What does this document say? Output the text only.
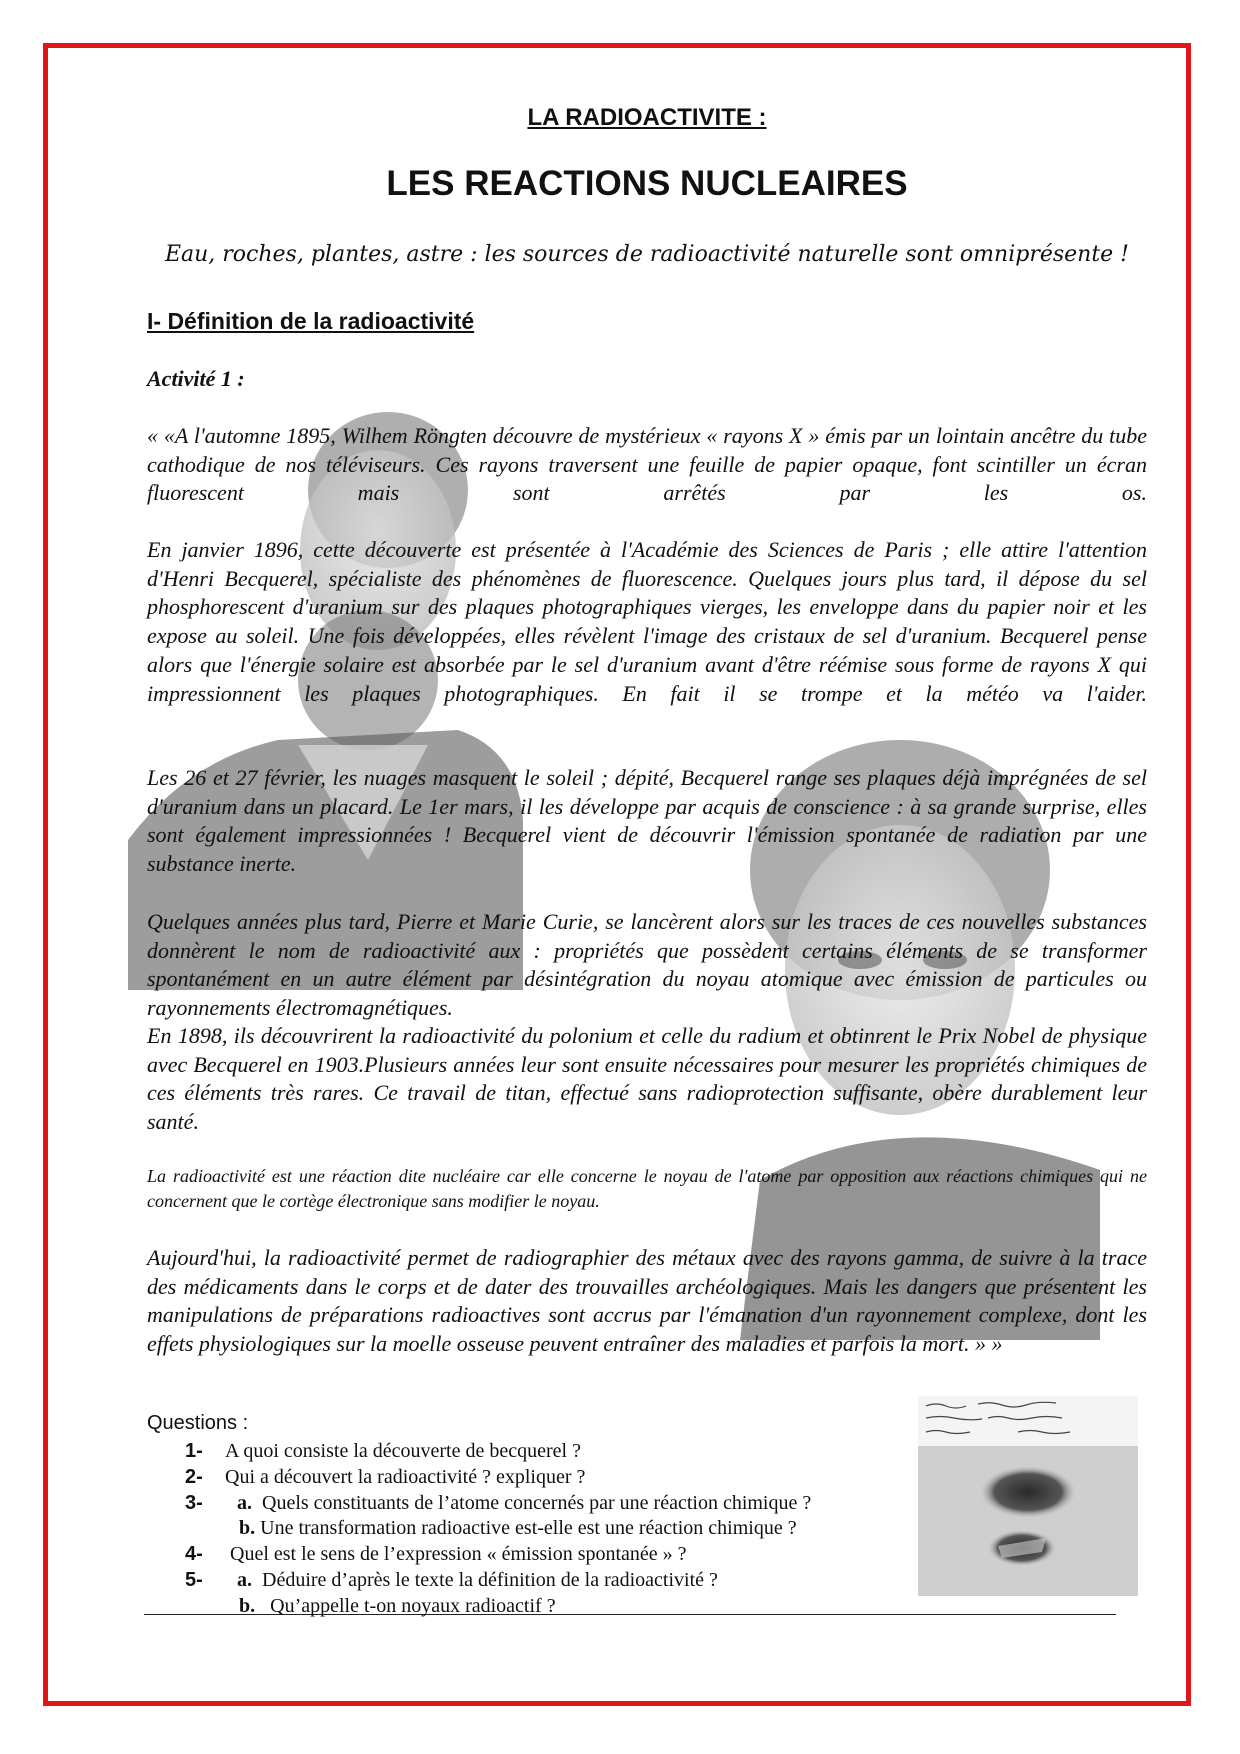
LA RADIOACTIVITE :
LES REACTIONS NUCLEAIRES
Eau, roches, plantes, astre : les sources de radioactivité naturelle sont omniprésente !
I- Définition de la radioactivité
Activité 1 :

« «A l'automne 1895, Wilhem Röngten découvre de mystérieux « rayons X » émis par un lointain ancêtre du tube cathodique de nos téléviseurs. Ces rayons traversent une feuille de papier opaque, font scintiller un écran fluorescent mais sont arrêtés par les os.

En janvier 1896, cette découverte est présentée à l'Académie des Sciences de Paris ; elle attire l'attention d'Henri Becquerel, spécialiste des phénomènes de fluorescence. Quelques jours plus tard, il dépose du sel phosphorescent d'uranium sur des plaques photographiques vierges, les enveloppe dans du papier noir et les expose au soleil. Une fois développées, elles révèlent l'image des cristaux de sel d'uranium. Becquerel pense alors que l'énergie solaire est absorbée par le sel d'uranium avant d'être réémise sous forme de rayons X qui impressionnent les plaques photographiques. En fait il se trompe et la météo va l'aider.

Les 26 et 27 février, les nuages masquent le soleil ; dépité, Becquerel range ses plaques déjà imprégnées de sel d'uranium dans un placard. Le 1er mars, il les développe par acquis de conscience : à sa grande surprise, elles sont également impressionnées ! Becquerel vient de découvrir l'émission spontanée de radiation par une substance inerte.

Quelques années plus tard, Pierre et Marie Curie, se lancèrent alors sur les traces de ces nouvelles substances donnèrent le nom de radioactivité aux : propriétés que possèdent certains éléments de se transformer spontanément en un autre élément par désintégration du noyau atomique avec émission de particules ou rayonnements électromagnétiques.

En 1898, ils découvrirent la radioactivité du polonium et celle du radium et obtinrent le Prix Nobel de physique avec Becquerel en 1903.Plusieurs années leur sont ensuite nécessaires pour mesurer les propriétés chimiques de ces éléments très rares. Ce travail de titan, effectué sans radioprotection suffisante, obère durablement leur santé.

La radioactivité est une réaction dite nucléaire car elle concerne le noyau de l'atome par opposition aux réactions chimiques qui ne concernent que le cortège électronique sans modifier le noyau.

Aujourd'hui, la radioactivité permet de radiographier des métaux avec des rayons gamma, de suivre à la trace des médicaments dans le corps et de dater des trouvailles archéologiques. Mais les dangers que présentent les manipulations de préparations radioactives sont accrus par l'émanation d'un rayonnement complexe, dont les effets physiologiques sur la moelle osseuse peuvent entraîner des maladies et parfois la mort. » »

Questions :
1- A quoi consiste la découverte de becquerel ?
2- Qui a découvert la radioactivité ? expliquer ?
3- a. Quels constituants de l’atome concernés par une réaction chimique ?
b. Une transformation radioactive est-elle est une réaction chimique ?
4- Quel est le sens de l’expression « émission spontanée » ?
5- a. Déduire d’après le texte la définition de la radioactivité ?
b. Qu’appelle t-on noyaux radioactif ?
